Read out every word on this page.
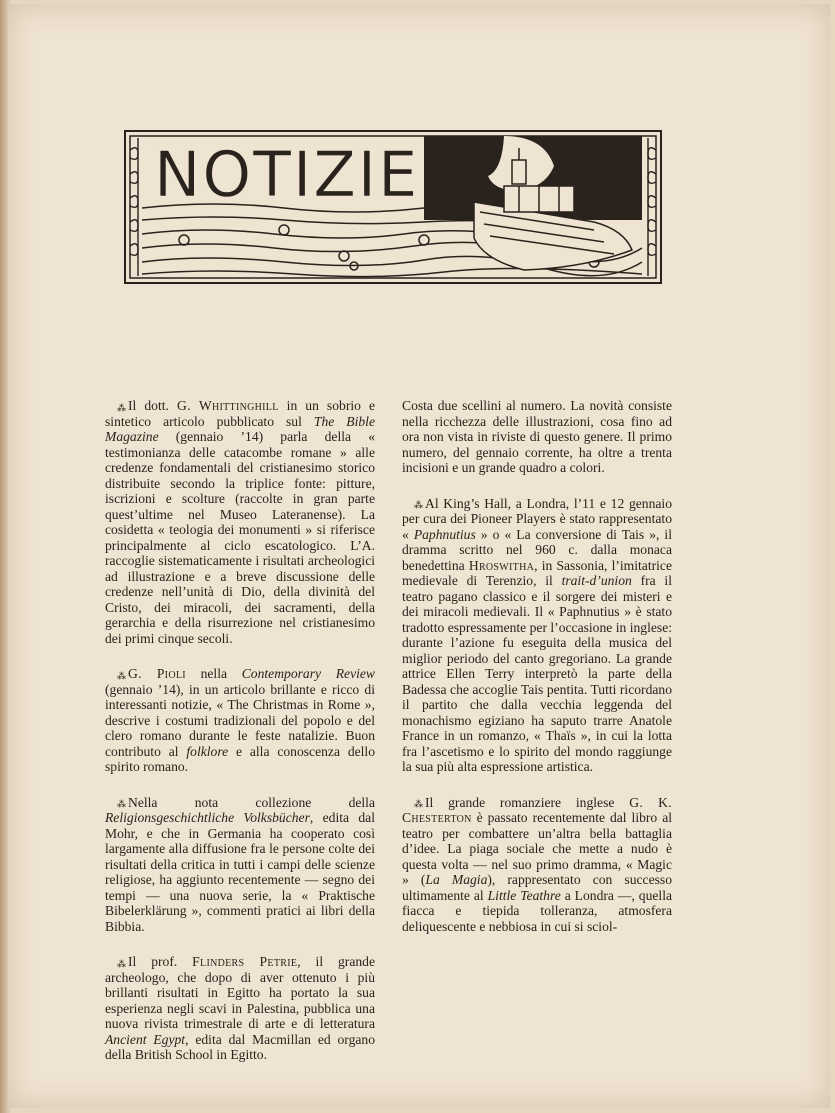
NOTIZIE

⁂ Il dott. G. Whittinghill in un sobrio e sintetico articolo pubblicato sul The Bible Magazine (gennaio ’14) parla della « testimonianza delle catacombe romane » alle credenze fondamentali del cristianesimo storico distribuite secondo la triplice fonte: pitture, iscrizioni e scolture (raccolte in gran parte quest’ultime nel Museo Lateranense). La cosidetta « teologia dei monumenti » si riferisce principalmente al ciclo escatologico. L’A. raccoglie sistematicamente i risultati archeologici ad illustrazione e a breve discussione delle credenze nell’unità di Dio, della divinità del Cristo, dei miracoli, dei sacramenti, della gerarchia e della risurrezione nel cristianesimo dei primi cinque secoli.

⁂ G. Pioli nella Contemporary Review (gennaio ’14), in un articolo brillante e ricco di interessanti notizie, « The Christmas in Rome », descrive i costumi tradizionali del popolo e del clero romano durante le feste natalizie. Buon contributo al folklore e alla conoscenza dello spirito romano.

⁂ Nella nota collezione della Religionsgeschichtliche Volksbücher, edita dal Mohr, e che in Germania ha cooperato così largamente alla diffusione fra le persone colte dei risultati della critica in tutti i campi delle scienze religiose, ha aggiunto recentemente — segno dei tempi — una nuova serie, la « Praktische Bibelerklärung », commenti pratici ai libri della Bibbia.

⁂ Il prof. Flinders Petrie, il grande archeologo, che dopo di aver ottenuto i più brillanti risultati in Egitto ha portato la sua esperienza negli scavi in Palestina, pubblica una nuova rivista trimestrale di arte e di letteratura Ancient Egypt, edita dal Macmillan ed organo della British School in Egitto.

Costa due scellini al numero. La novità consiste nella ricchezza delle illustrazioni, cosa fino ad ora non vista in riviste di questo genere. Il primo numero, del gennaio corrente, ha oltre a trenta incisioni e un grande quadro a colori.

⁂ Al King’s Hall, a Londra, l’11 e 12 gennaio per cura dei Pioneer Players è stato rappresentato « Paphnutius » o « La conversione di Tais », il dramma scritto nel 960 c. dalla monaca benedettina Hroswitha, in Sassonia, l’imitatrice medievale di Terenzio, il trait-d’union fra il teatro pagano classico e il sorgere dei misteri e dei miracoli medievali. Il « Paphnutius » è stato tradotto espressamente per l’occasione in inglese: durante l’azione fu eseguita della musica del miglior periodo del canto gregoriano. La grande attrice Ellen Terry interpretò la parte della Badessa che accoglie Tais pentita. Tutti ricordano il partito che dalla vecchia leggenda del monachismo egiziano ha saputo trarre Anatole France in un romanzo, « Thaïs », in cui la lotta fra l’ascetismo e lo spirito del mondo raggiunge la sua più alta espressione artistica.

⁂ Il grande romanziere inglese G. K. Chesterton è passato recentemente dal libro al teatro per combattere un’altra bella battaglia d’idee. La piaga sociale che mette a nudo è questa volta — nel suo primo dramma, « Magic » (La Magia), rappresentato con successo ultimamente al Little Teathre a Londra —, quella fiacca e tiepida tolleranza, atmosfera deliquescente e nebbiosa in cui si sciol-
